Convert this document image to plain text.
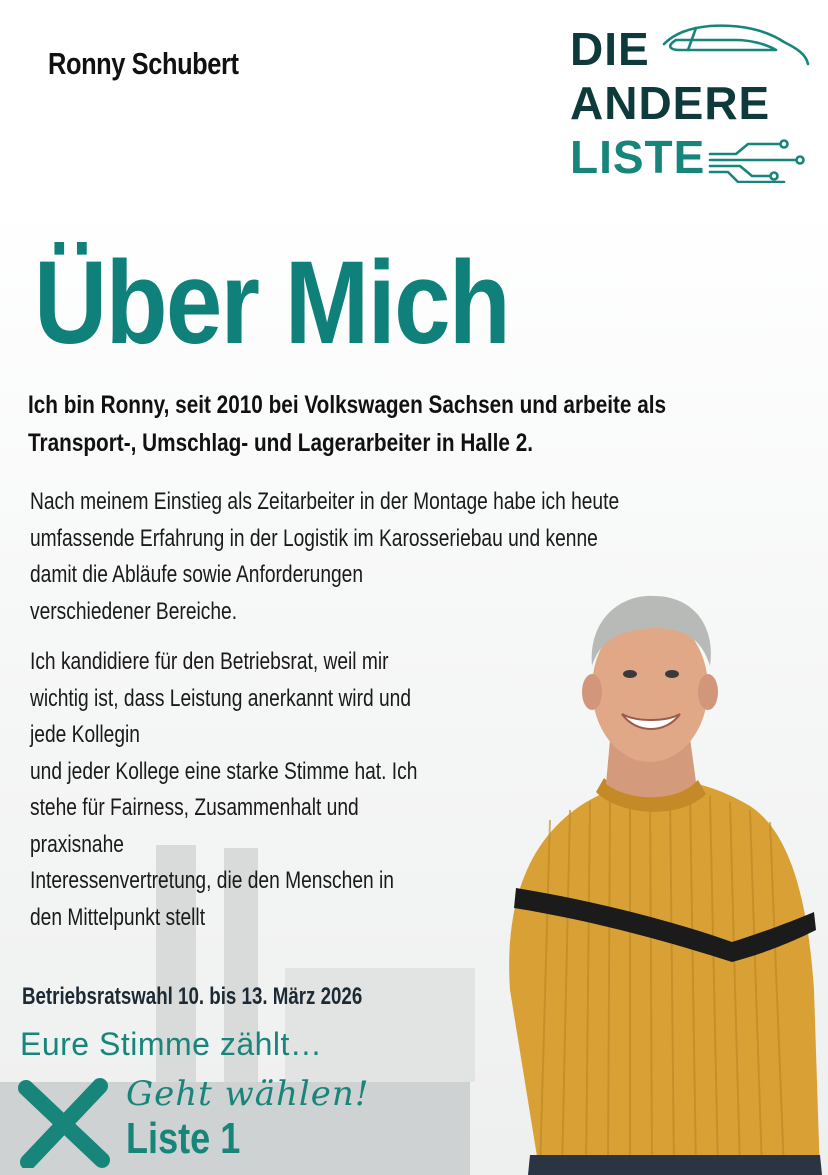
Ronny Schubert	DIE
ANDERE
LISTE
Über Mich
Ich bin Ronny, seit 2010 bei Volkswagen Sachsen und arbeite als
Transport-, Umschlag- und Lagerarbeiter in Halle 2.
Nach meinem Einstieg als Zeitarbeiter in der Montage habe ich heute
umfassende Erfahrung in der Logistik im Karosseriebau und kenne
damit die Abläufe sowie Anforderungen
verschiedener Bereiche.
Ich kandidiere für den Betriebsrat, weil mir
wichtig ist, dass Leistung anerkannt wird und
jede Kollegin
und jeder Kollege eine starke Stimme hat. Ich
stehe für Fairness, Zusammenhalt und
praxisnahe
Interessenvertretung, die den Menschen in
den Mittelpunkt stellt
Betriebsratswahl 10. bis 13. März 2026
Eure Stimme zählt…
Geht wählen!
Liste 1
